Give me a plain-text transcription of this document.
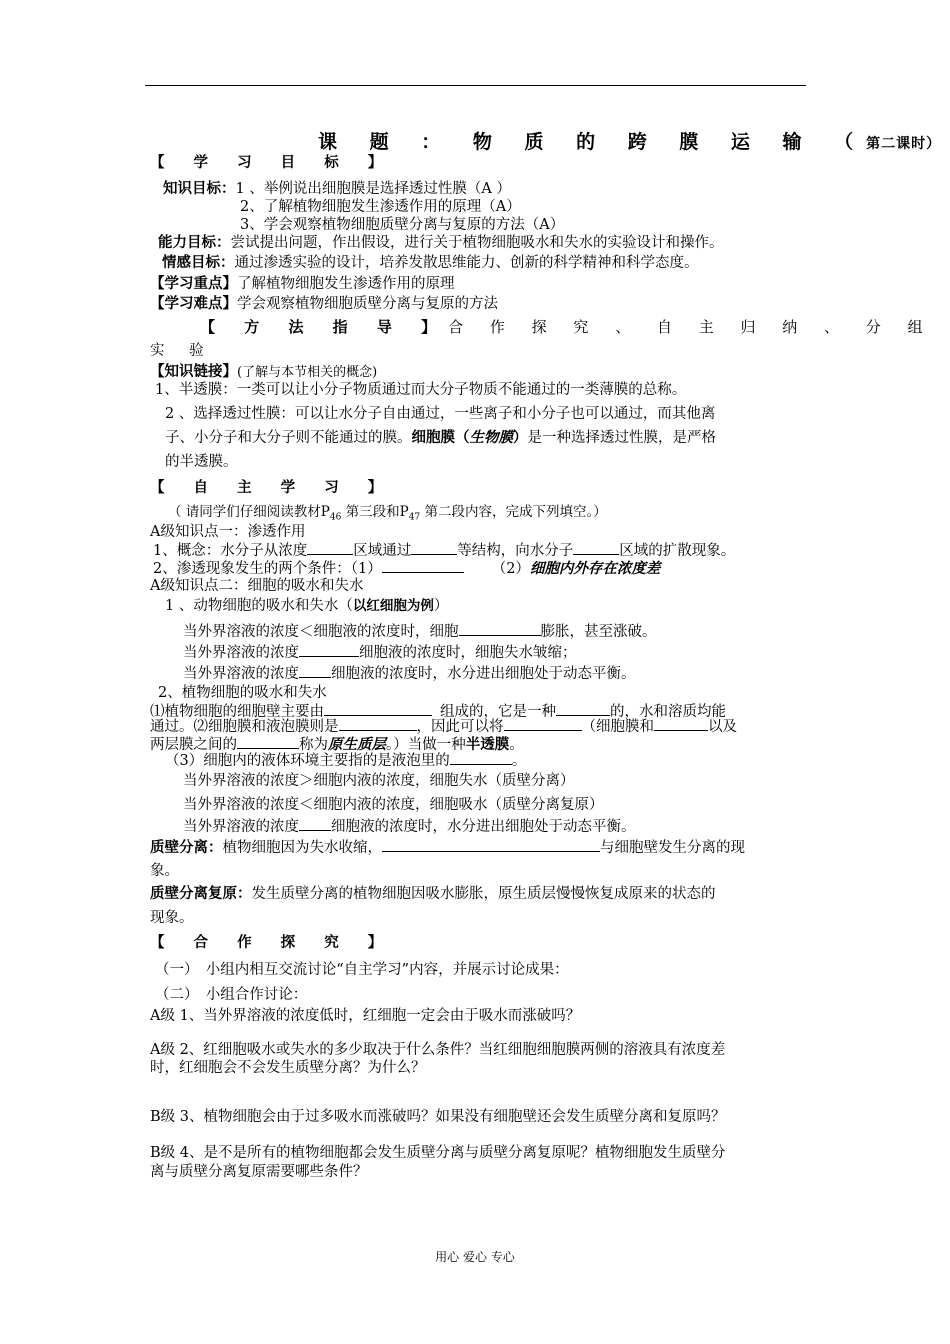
课 题 ： 物 质 的 跨 膜 运 输 （第二课时）
【 学 习 目 标 】
知识目标：1 、举例说出细胞膜是选择透过性膜（A ）
2、了解植物细胞发生渗透作用的原理（A）
3、学会观察植物细胞质壁分离与复原的方法（A）
能力目标：尝试提出问题，作出假设，进行关于植物细胞吸水和失水的实验设计和操作。
情感目标：通过渗透实验的设计，培养发散思维能力、创新的科学精神和科学态度。
【学习重点】了解植物细胞发生渗透作用的原理
【学习难点】学会观察植物细胞质壁分离与复原的方法
【 方 法 指 导 】合 作 探 究 、 自 主 归 纳 、 分 组
实 验
【知识链接】(了解与本节相关的概念)
1、半透膜：一类可以让小分子物质通过而大分子物质不能通过的一类薄膜的总称。
2 、选择透过性膜：可以让水分子自由通过，一些离子和小分子也可以通过，而其他离
子、小分子和大分子则不能通过的膜。细胞膜（生物膜）是一种选择透过性膜，是严格
的半透膜。
【 自 主 学 习 】
（ 请同学们仔细阅读教材$P_{46}$ 第三段和$P_{47}$ 第二段内容，完成下列填空。）
A级知识点一：渗透作用
1、概念：水分子从浓度	区域通过	等结构，向水分子	区域的扩散现象。
2、渗透现象发生的两个条件：（1）	（2）细胞内外存在浓度差
A级知识点二：细胞的吸水和失水
1 、动物细胞的吸水和失水（以红细胞为例）
当外界溶液的浓度＜细胞液的浓度时，细胞	膨胀，甚至涨破。
当外界溶液的浓度	细胞液的浓度时，细胞失水皱缩；
当外界溶液的浓度 细胞液的浓度时，水分进出细胞处于动态平衡。
2、植物细胞的吸水和失水
⑴植物细胞的细胞壁主要由	组成的，它是一种	的，水和溶质均能
通过。⑵细胞膜和液泡膜则是	，因此可以将	（细胞膜和	以及
两层膜之间的	称为原生质层。）当做一种半透膜。
（3）细胞内的液体环境主要指的是液泡里的	。
当外界溶液的浓度＞细胞内液的浓度，细胞失水（质壁分离）
当外界溶液的浓度＜细胞内液的浓度，细胞吸水（质壁分离复原）
当外界溶液的浓度 细胞液的浓度时，水分进出细胞处于动态平衡。
质壁分离：植物细胞因为失水收缩，	与细胞壁发生分离的现
象。
质壁分离复原：发生质壁分离的植物细胞因吸水膨胀，原生质层慢慢恢复成原来的状态的
现象。
【 合 作 探 究 】
（一）　小组内相互交流讨论“自主学习”内容，并展示讨论成果：
（二）　小组合作讨论：
A级 1、当外界溶液的浓度低时，红细胞一定会由于吸水而涨破吗？
A级 2、红细胞吸水或失水的多少取决于什么条件？当红细胞细胞膜两侧的溶液具有浓度差
时，红细胞会不会发生质壁分离？为什么？
B级 3、植物细胞会由于过多吸水而涨破吗？如果没有细胞壁还会发生质壁分离和复原吗？
B级 4、是不是所有的植物细胞都会发生质壁分离与质壁分离复原呢？植物细胞发生质壁分
离与质壁分离复原需要哪些条件？
用心 爱心 专心
